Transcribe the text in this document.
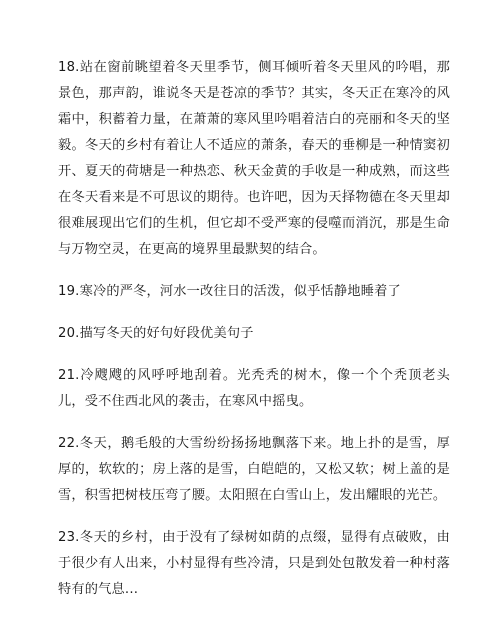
18.站在窗前眺望着冬天里季节，侧耳倾听着冬天里风的吟唱，那景色，那声韵，谁说冬天是苍凉的季节？其实，冬天正在寒冷的风霜中，积蓄着力量，在萧萧的寒风里吟唱着洁白的亮丽和冬天的坚毅。冬天的乡村有着让人不适应的萧条，春天的垂柳是一种情窦初开、夏天的荷塘是一种热恋、秋天金黄的手收是一种成熟，而这些在冬天看来是不可思议的期待。也许吧，因为天择物德在冬天里却很难展现出它们的生机，但它却不受严寒的侵噬而消沉，那是生命与万物空灵，在更高的境界里最默契的结合。

19.寒冷的严冬，河水一改往日的活泼，似乎恬静地睡着了

20.描写冬天的好句好段优美句子

21.冷飕飕的风呼呼地刮着。光秃秃的树木，像一个个秃顶老头儿，受不住西北风的袭击，在寒风中摇曳。

22.冬天，鹅毛般的大雪纷纷扬扬地飘落下来。地上扑的是雪，厚厚的，软软的；房上落的是雪，白皑皑的，又松又软；树上盖的是雪，积雪把树枝压弯了腰。太阳照在白雪山上，发出耀眼的光芒。

23.冬天的乡村，由于没有了绿树如荫的点缀，显得有点破败，由于很少有人出来，小村显得有些冷清，只是到处包散发着一种村落特有的气息...
